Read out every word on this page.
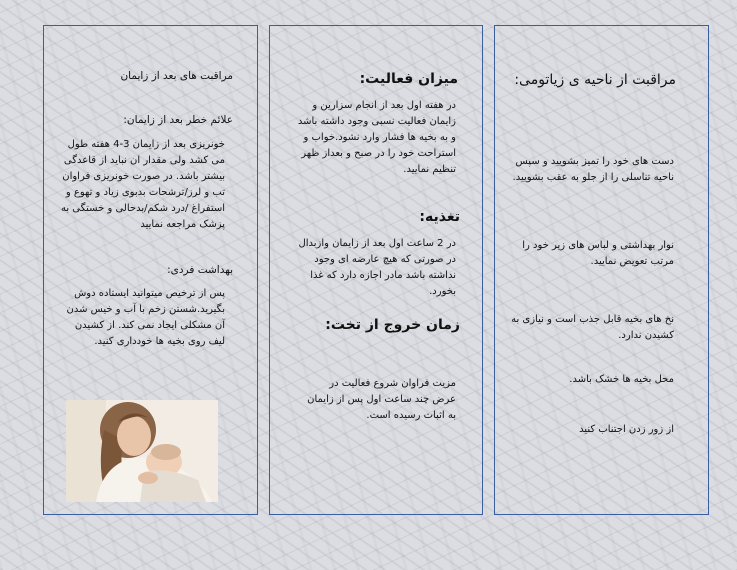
مراقبت های بعد از زایمان
علائم خطر بعد از زایمان:
خونریزی بعد از زایمان 3-4 هفته طول می کشد ولی مقدار ان نباید از قاعدگی بیشتر باشد. در صورت خونریزی فراوان تب و لرز/ترشحات بدبوی زیاد و تهوع و استفراغ /درد شکم/بدحالی و خستگی به پزشک مراجعه نمایید
بهداشت فردی:
پس از ترخیص میتوانید ایستاده دوش بگیرید.شستن زخم با آب و خیس شدن آن مشکلی ایجاد نمی کند. از کشیدن لیف روی بخیه ها خودداری کنید.
میزان فعالیت:
در هفته اول بعد از انجام سزارین و زایمان فعالیت نسبی وجود داشته باشد و به بخیه ها فشار وارد نشود.خواب و استراحت خود را در صبح و بعداز ظهر تنظیم نمایید.
تغذیه:
در 2 ساعت اول بعد از زایمان وازبدال در صورتی که هیچ عارضه ای وجود نداشته باشد مادر اجازه دارد که غذا بخورد.
زمان خروج از تخت:
مزیت فراوان شروع فعالیت در عرض چند ساعت اول پس از زایمان به اثبات رسیده است.
مراقبت از ناحیه ی زیاتومی:
دست های خود را تمیز بشویید و سپس ناحیه تناسلی را از جلو به عقب بشویید.
نوار بهداشتی و لباس های زیر خود را مرتب تعویض نمایید.
نخ های بخیه قابل جذب است و نیازی به کشیدن ندارد.
محل بخیه ها خشک باشد.
از زور زدن اجتناب کنید
